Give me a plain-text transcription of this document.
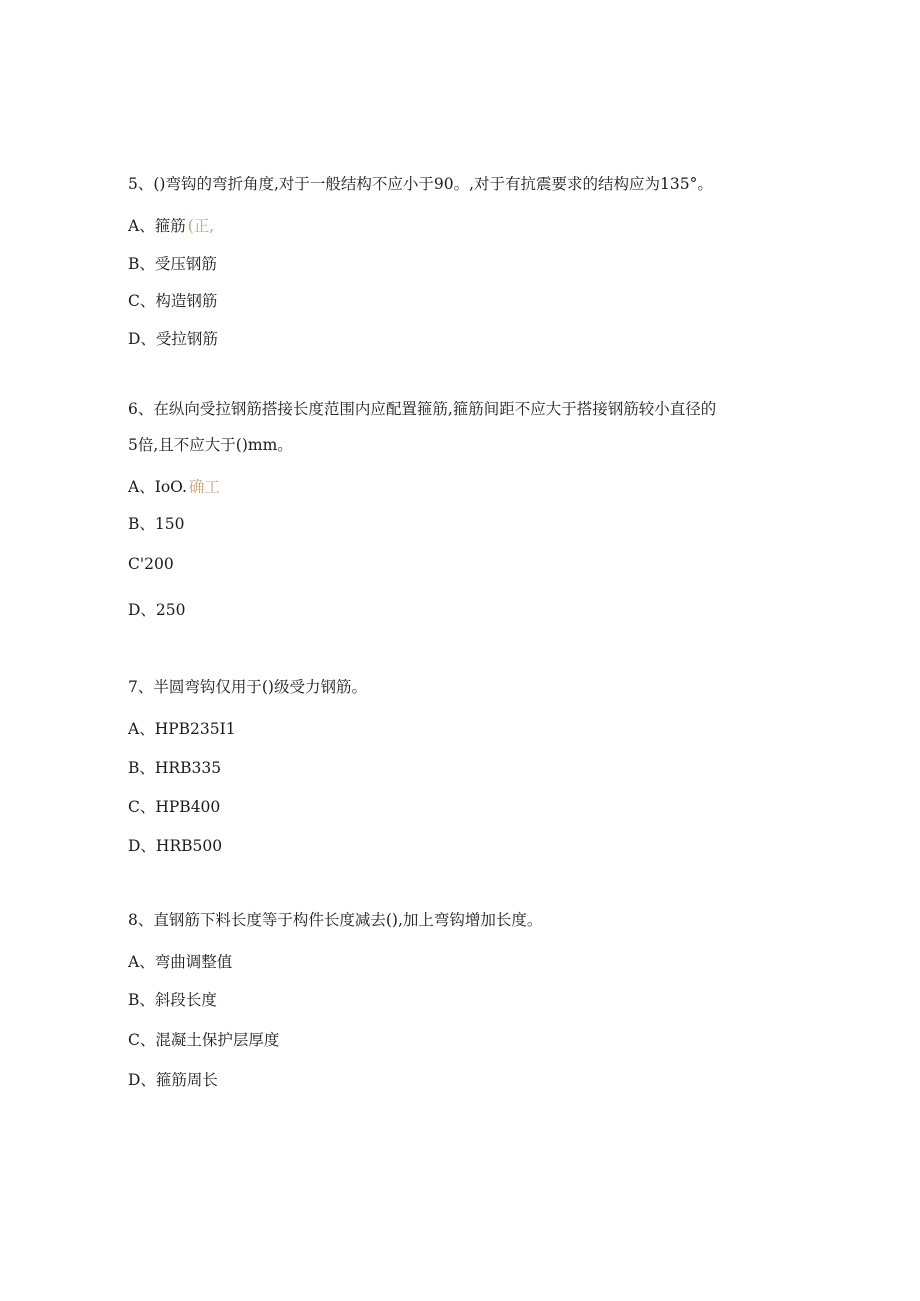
5、()弯钩的弯折角度,对于一般结构不应小于90。,对于有抗震要求的结构应为135°。
A、箍筋 (正,
B、受压钢筋
C、构造钢筋
D、受拉钢筋
6、在纵向受拉钢筋搭接长度范围内应配置箍筋,箍筋间距不应大于搭接钢筋较小直径的
5倍,且不应大于()mm。
A、IoO. 确工
B、150
C'200
D、250
7、半圆弯钩仅用于()级受力钢筋。
A、HPB235I1
B、HRB335
C、HPB400
D、HRB500
8、直钢筋下料长度等于构件长度减去(),加上弯钩增加长度。
A、弯曲调整值
B、斜段长度
C、混凝土保护层厚度
D、箍筋周长
